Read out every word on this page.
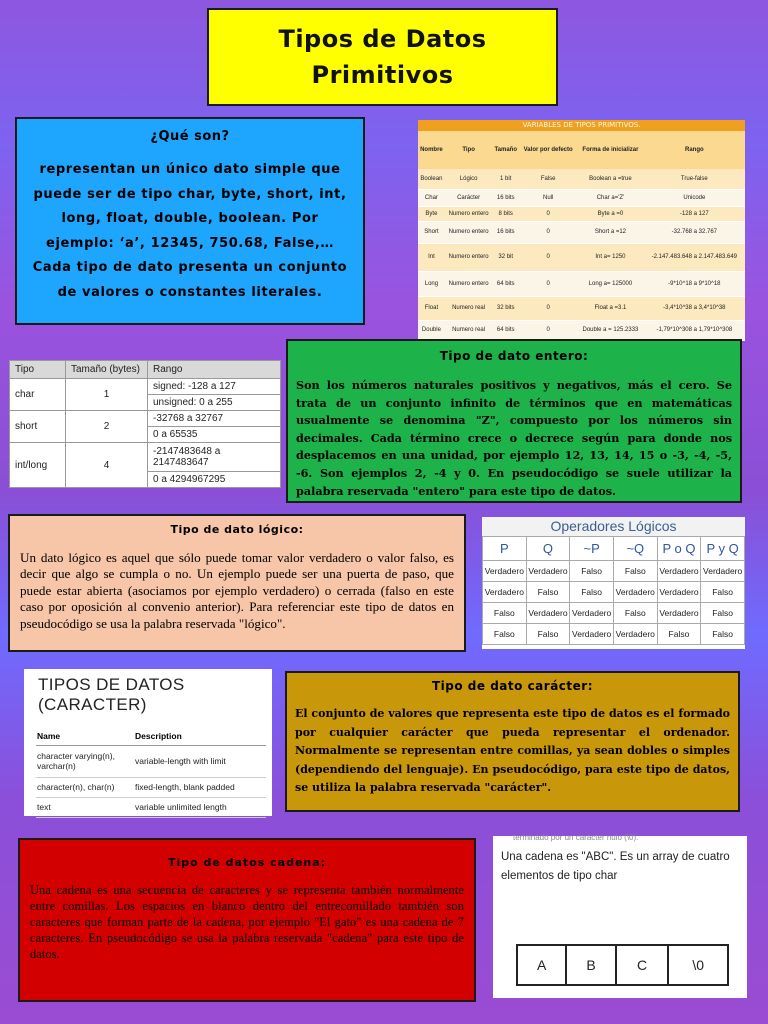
Tipos de Datos
Primitivos
¿Qué son?

representan un único dato simple que puede ser de tipo char, byte, short, int, long, float, double, boolean. Por ejemplo: ‘a’, 12345, 750.68, False,… Cada tipo de dato presenta un conjunto de valores o constantes literales.

VARIABLES DE TIPOS PRIMITIVOS.
Nombre	Tipo	Tamaño	Valor por defecto	Forma de inicializar	Rango
Boolean	Lógico	1 bit	False	Boolean a =true	True-false
Char	Carácter	16 bits	Null	Char a='Z'	Unicode
Byte	Numero entero	8 bits	0	Byte a =0	-128 a 127
Short	Numero entero	16 bits	0	Short a =12	-32.768 a 32.767
Int	Numero entero	32 bit	0	Int a= 1250	-2.147.483.648 a 2.147.483.649
Long	Numero entero	64 bits	0	Long a= 125000	-9*10^18 a 9*10^18
Float	Numero real	32 bits	0	Float a =3.1	-3,4*10^38 a 3,4*10^38
Double	Numero real	64 bits	0	Double a = 125.2333	-1,79*10^308 a 1,79*10^308
Tipo	Tamaño (bytes)	Rango
char	1	signed: -128 a 127
		unsigned: 0 a 255
short	2	-32768 a 32767
		0 a 65535
int/long	4	-2147483648 a 2147483647
		0 a 4294967295
Tipo de dato entero:

Son los números naturales positivos y negativos, más el cero. Se trata de un conjunto infinito de términos que en matemáticas usualmente se denomina "Z", compuesto por los números sin decimales. Cada término crece o decrece según para donde nos desplacemos en una unidad, por ejemplo 12, 13, 14, 15 o -3, -4, -5, -6. Son ejemplos 2, -4 y 0. En pseudocódigo se suele utilizar la palabra reservada "entero" para este tipo de datos.

Tipo de dato lógico:

Un dato lógico es aquel que sólo puede tomar valor verdadero o valor falso, es decir que algo se cumpla o no. Un ejemplo puede ser una puerta de paso, que puede estar abierta (asociamos por ejemplo verdadero) o cerrada (falso en este caso por oposición al convenio anterior). Para referenciar este tipo de datos en pseudocódigo se usa la palabra reservada "lógico".

Operadores Lógicos
P	Q	~P	~Q	P o Q	P y Q
Verdadero	Verdadero	Falso	Falso	Verdadero	Verdadero
Verdadero	Falso	Falso	Verdadero	Verdadero	Falso
Falso	Verdadero	Verdadero	Falso	Verdadero	Falso
Falso	Falso	Verdadero	Verdadero	Falso	Falso
TIPOS DE DATOS (CARACTER)
Name	Description
character varying(n), varchar(n)	variable-length with limit
character(n), char(n)	fixed-length, blank padded
text	variable unlimited length
Tipo de dato carácter:

El conjunto de valores que representa este tipo de datos es el formado por cualquier carácter que pueda representar el ordenador. Normalmente se representan entre comillas, ya sean dobles o simples (dependiendo del lenguaje). En pseudocódigo, para este tipo de datos, se utiliza la palabra reservada "carácter".

Tipo de datos cadena:

Una cadena es una secuencia de caracteres y se representa también normalmente entre comillas. Los espacios en blanco dentro del entrecomillado también son caracteres que forman parte de la cadena, por ejemplo "El gato" es una cadena de 7 caracteres. En pseudocódigo se usa la palabra reservada "cadena" para este tipo de datos.

terminado por un carácter nulo (\0).

Una cadena es "ABC". Es un array de cuatro elementos de tipo char

A	B	C	\0
